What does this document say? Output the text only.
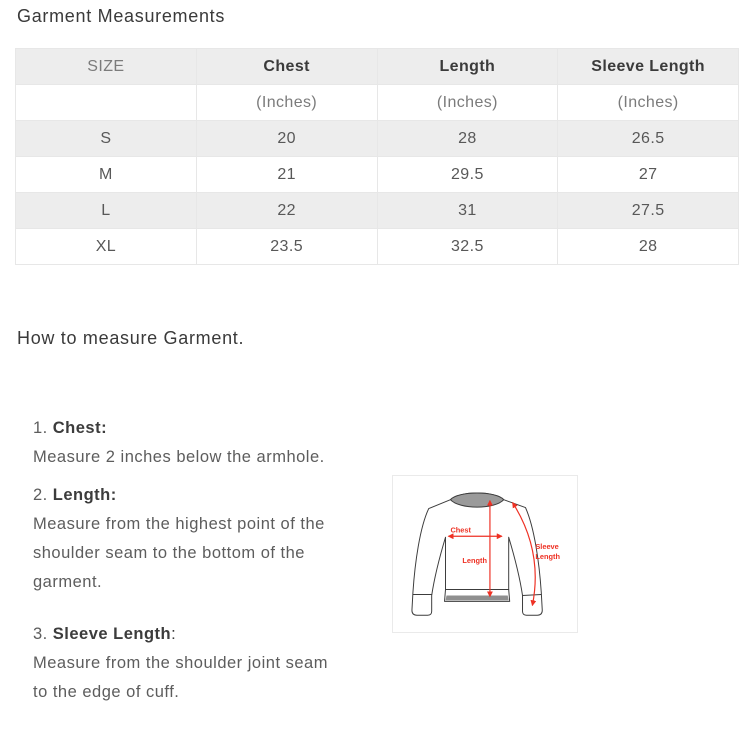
Garment Measurements
SIZE	Chest	Length	Sleeve Length
	(Inches)	(Inches)	(Inches)
S	20	28	26.5
M	21	29.5	27
L	22	31	27.5
XL	23.5	32.5	28
How to measure Garment.
1. Chest:
Measure 2 inches below the armhole.
2. Length:
Measure from the highest point of the
shoulder seam to the bottom of the
garment.
3. Sleeve Length:
Measure from the shoulder joint seam
to the edge of cuff.
Chest
Length
Sleeve
Length
